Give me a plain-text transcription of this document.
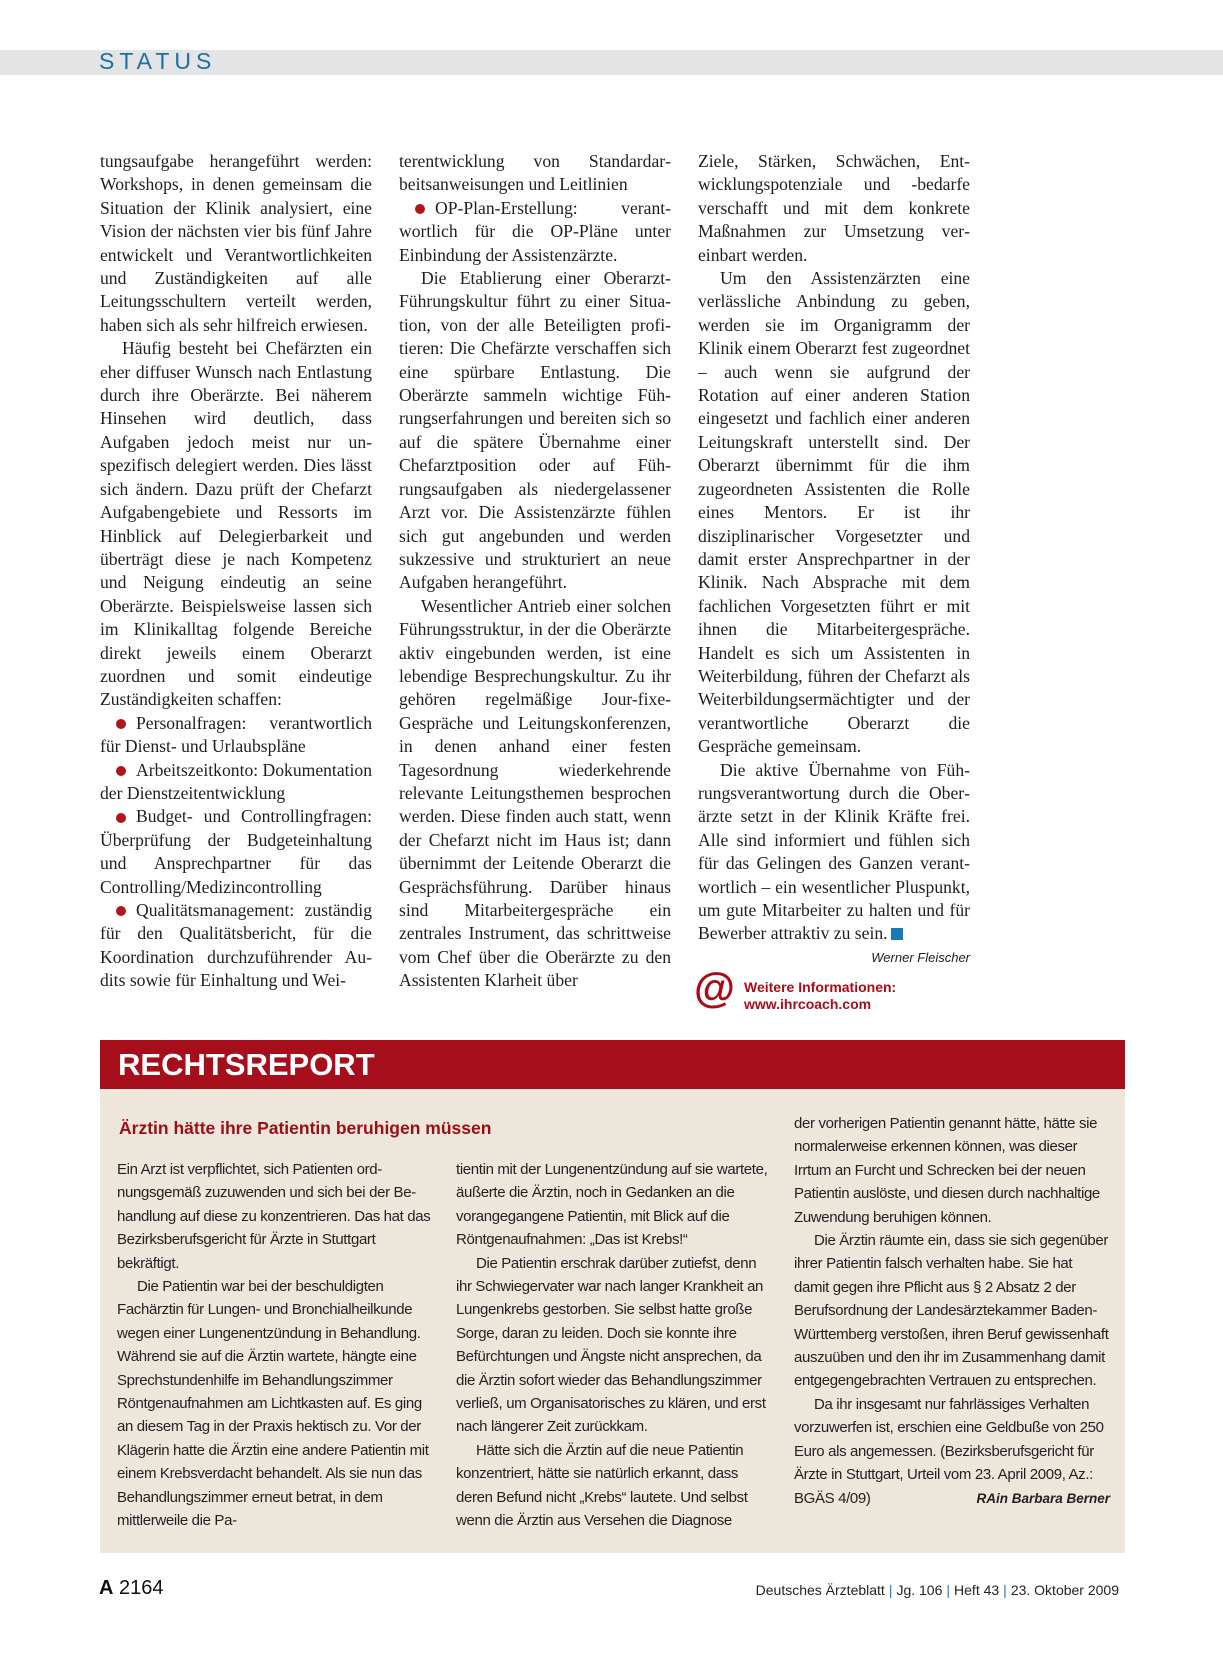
STATUS

tungsaufgabe herangeführt werden: Workshops, in denen gemeinsam die Situation der Klinik analysiert, eine Vision der nächsten vier bis fünf Jahre entwickelt und Verantwortlichkeiten und Zuständigkeiten auf alle Leitungsschultern verteilt werden, haben sich als sehr hilfreich erwiesen.

Häufig besteht bei Chefärzten ein eher diffuser Wunsch nach Entlastung durch ihre Oberärzte. Bei näherem Hinsehen wird deutlich, dass Aufgaben jedoch meist nur unspezifisch delegiert werden. Dies lässt sich ändern. Dazu prüft der Chefarzt Aufgabengebiete und Ressorts im Hinblick auf Delegierbarkeit und überträgt diese je nach Kompetenz und Neigung eindeutig an seine Oberärzte. Beispielsweise lassen sich im Klinikalltag folgende Bereiche direkt jeweils einem Oberarzt zuordnen und somit eindeutige Zuständigkeiten schaffen:

Personalfragen: verantwortlich für Dienst- und Urlaubspläne

Arbeitszeitkonto: Dokumentation der Dienstzeitentwicklung

Budget- und Controllingfragen: Überprüfung der Budgeteinhaltung und Ansprechpartner für das Controlling/Medizincontrolling

Qualitätsmanagement: zuständig für den Qualitätsbericht, für die Koordination durchzuführender Audits sowie für Einhaltung und Wei-

terentwicklung von Standardarbeitsanweisungen und Leitlinien

OP-Plan-Erstellung: verantwortlich für die OP-Pläne unter Einbindung der Assistenzärzte.

Die Etablierung einer Oberarzt-Führungskultur führt zu einer Situation, von der alle Beteiligten profitieren: Die Chefärzte verschaffen sich eine spürbare Entlastung. Die Oberärzte sammeln wichtige Führungserfahrungen und bereiten sich so auf die spätere Übernahme einer Chefarztposition oder auf Führungsaufgaben als niedergelassener Arzt vor. Die Assistenzärzte fühlen sich gut angebunden und werden sukzessive und strukturiert an neue Aufgaben herangeführt.

Wesentlicher Antrieb einer solchen Führungsstruktur, in der die Oberärzte aktiv eingebunden werden, ist eine lebendige Besprechungskultur. Zu ihr gehören regelmäßige Jour-fixe-Gespräche und Leitungskonferenzen, in denen anhand einer festen Tagesordnung wiederkehrende relevante Leitungsthemen besprochen werden. Diese finden auch statt, wenn der Chefarzt nicht im Haus ist; dann übernimmt der Leitende Oberarzt die Gesprächsführung. Darüber hinaus sind Mitarbeitergespräche ein zentrales Instrument, das schrittweise vom Chef über die Oberärzte zu den Assistenten Klarheit über

Ziele, Stärken, Schwächen, Entwicklungspotenziale und -bedarfe verschafft und mit dem konkrete Maßnahmen zur Umsetzung vereinbart werden.

Um den Assistenzärzten eine verlässliche Anbindung zu geben, werden sie im Organigramm der Klinik einem Oberarzt fest zugeordnet – auch wenn sie aufgrund der Rotation auf einer anderen Station eingesetzt und fachlich einer anderen Leitungskraft unterstellt sind. Der Oberarzt übernimmt für die ihm zugeordneten Assistenten die Rolle eines Mentors. Er ist ihr disziplinarischer Vorgesetzter und damit erster Ansprechpartner in der Klinik. Nach Absprache mit dem fachlichen Vorgesetzten führt er mit ihnen die Mitarbeitergespräche. Handelt es sich um Assistenten in Weiterbildung, führen der Chefarzt als Weiterbildungsermächtigter und der verantwortliche Oberarzt die Gespräche gemeinsam.

Die aktive Übernahme von Führungsverantwortung durch die Oberärzte setzt in der Klinik Kräfte frei. Alle sind informiert und fühlen sich für das Gelingen des Ganzen verantwortlich – ein wesentlicher Pluspunkt, um gute Mitarbeiter zu halten und für Bewerber attraktiv zu sein.

Werner Fleischer
@ Weitere Informationen:
www.ihrcoach.com
RECHTSREPORT
Ärztin hätte ihre Patientin beruhigen müssen

Ein Arzt ist verpflichtet, sich Patienten ordnungsgemäß zuzuwenden und sich bei der Behandlung auf diese zu konzentrieren. Das hat das Bezirksberufsgericht für Ärzte in Stuttgart bekräftigt.

Die Patientin war bei der beschuldigten Fachärztin für Lungen- und Bronchialheilkunde wegen einer Lungenentzündung in Behandlung. Während sie auf die Ärztin wartete, hängte eine Sprechstundenhilfe im Behandlungszimmer Röntgenaufnahmen am Lichtkasten auf. Es ging an diesem Tag in der Praxis hektisch zu. Vor der Klägerin hatte die Ärztin eine andere Patientin mit einem Krebsverdacht behandelt. Als sie nun das Behandlungszimmer erneut betrat, in dem mittlerweile die Pa-

tientin mit der Lungenentzündung auf sie wartete, äußerte die Ärztin, noch in Gedanken an die vorangegangene Patientin, mit Blick auf die Röntgenaufnahmen: „Das ist Krebs!“

Die Patientin erschrak darüber zutiefst, denn ihr Schwiegervater war nach langer Krankheit an Lungenkrebs gestorben. Sie selbst hatte große Sorge, daran zu leiden. Doch sie konnte ihre Befürchtungen und Ängste nicht ansprechen, da die Ärztin sofort wieder das Behandlungszimmer verließ, um Organisatorisches zu klären, und erst nach längerer Zeit zurückkam.

Hätte sich die Ärztin auf die neue Patientin konzentriert, hätte sie natürlich erkannt, dass deren Befund nicht „Krebs“ lautete. Und selbst wenn die Ärztin aus Versehen die Diagnose

der vorherigen Patientin genannt hätte, hätte sie normalerweise erkennen können, was dieser Irrtum an Furcht und Schrecken bei der neuen Patientin auslöste, und diesen durch nachhaltige Zuwendung beruhigen können.

Die Ärztin räumte ein, dass sie sich gegenüber ihrer Patientin falsch verhalten habe. Sie hat damit gegen ihre Pflicht aus § 2 Absatz 2 der Berufsordnung der Landesärztekammer Baden-Württemberg verstoßen, ihren Beruf gewissenhaft auszuüben und den ihr im Zusammenhang damit entgegengebrachten Vertrauen zu entsprechen.

Da ihr insgesamt nur fahrlässiges Verhalten vorzuwerfen ist, erschien eine Geldbuße von 250 Euro als angemessen. (Bezirksberufsgericht für Ärzte in Stuttgart, Urteil vom 23. April 2009, Az.: BGÄS 4/09)	RAin Barbara Berner

A 2164	Deutsches Ärzteblatt | Jg. 106 | Heft 43 | 23. Oktober 2009
